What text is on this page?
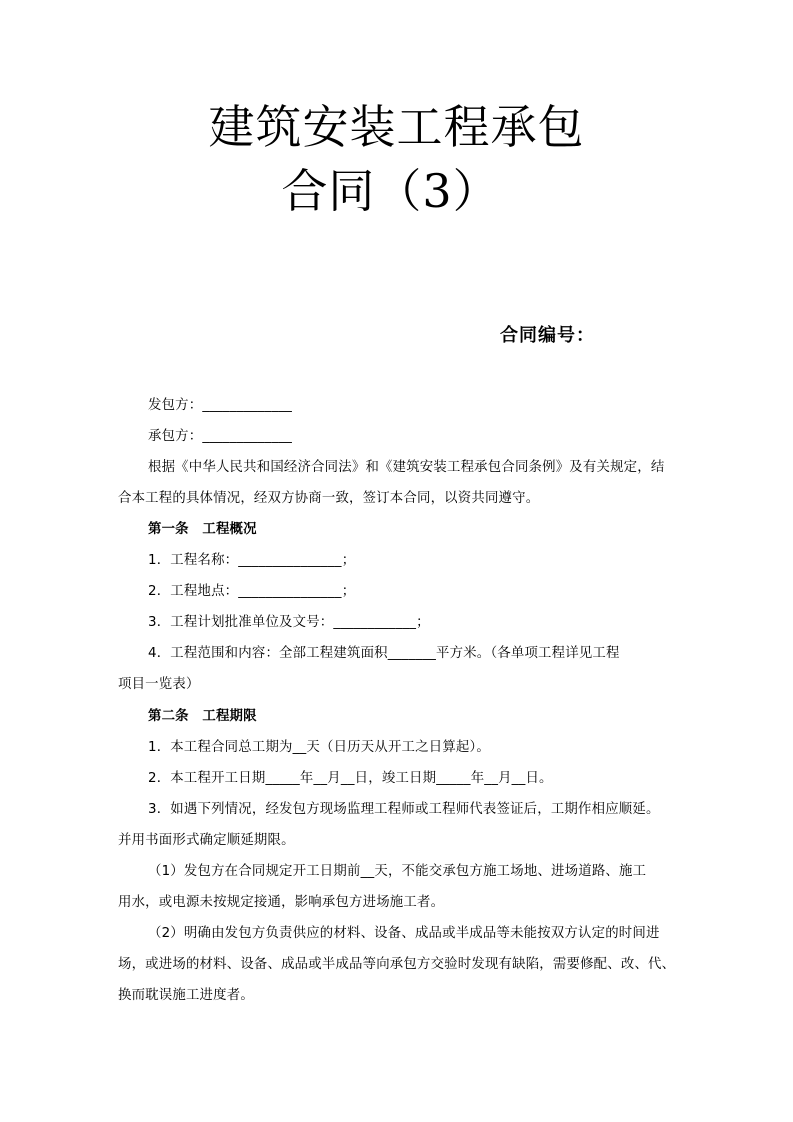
建筑安装工程承包
合同（3）
合同编号：
发包方：_____________
承包方：_____________
根据《中华人民共和国经济合同法》和《建筑安装工程承包合同条例》及有关规定，结
合本工程的具体情况，经双方协商一致，签订本合同，以资共同遵守。
第一条　工程概况
1．工程名称：_______________；
2．工程地点：_______________；
3．工程计划批准单位及文号：____________；
4．工程范围和内容：全部工程建筑面积_______平方米。（各单项工程详见工程
项目一览表）
第二条　工程期限
1．本工程合同总工期为__天（日历天从开工之日算起）。
2．本工程开工日期_____年__月__日，竣工日期_____年__月__日。
3．如遇下列情况，经发包方现场监理工程师或工程师代表签证后，工期作相应顺延。
并用书面形式确定顺延期限。
（1）发包方在合同规定开工日期前__天，不能交承包方施工场地、进场道路、施工
用水，或电源未按规定接通，影响承包方进场施工者。
（2）明确由发包方负责供应的材料、设备、成品或半成品等未能按双方认定的时间进
场，或进场的材料、设备、成品或半成品等向承包方交验时发现有缺陷，需要修配、改、代、
换而耽误施工进度者。
